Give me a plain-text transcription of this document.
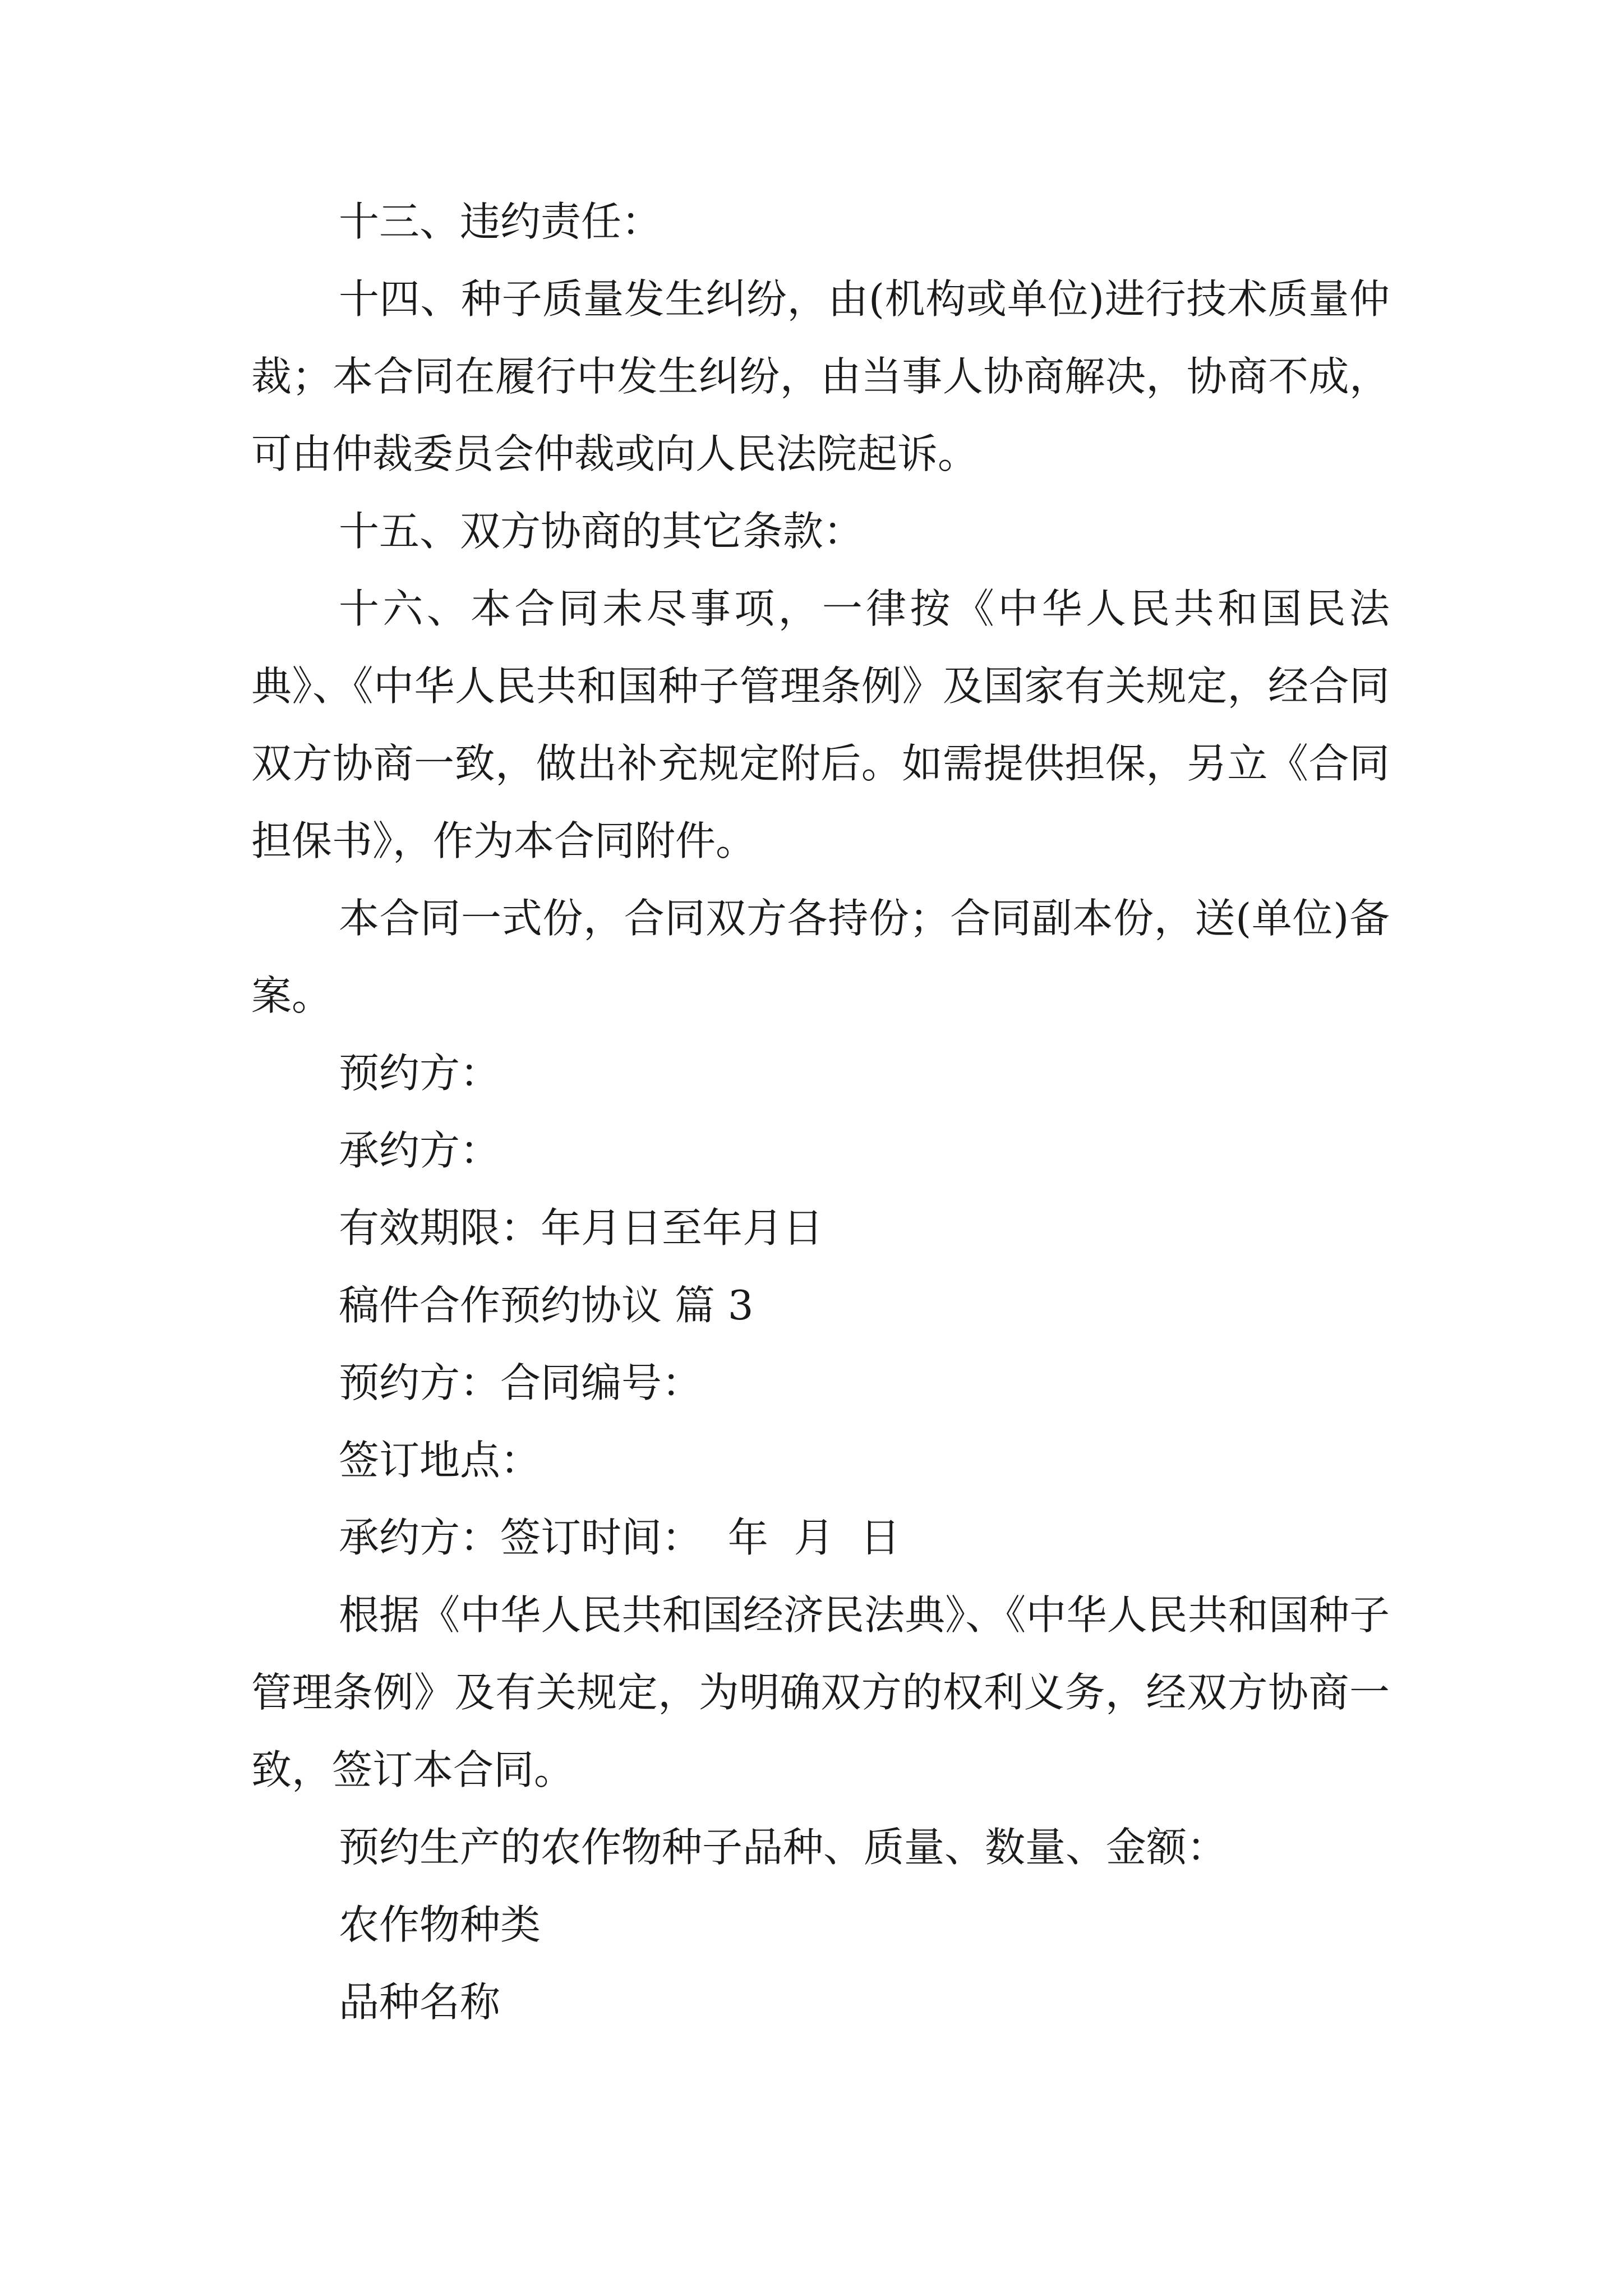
十三、违约责任：

十四、种子质量发生纠纷，由(机构或单位)进行技术质量仲裁；本合同在履行中发生纠纷，由当事人协商解决，协商不成，可由仲裁委员会仲裁或向人民法院起诉。

十五、双方协商的其它条款：

十六、本合同未尽事项，一律按《中华人民共和国民法典》、《中华人民共和国种子管理条例》及国家有关规定，经合同双方协商一致，做出补充规定附后。如需提供担保，另立《合同担保书》，作为本合同附件。

本合同一式份，合同双方各持份；合同副本份，送(单位)备案。

预约方：

承约方：

有效期限：年月日至年月日

稿件合作预约协议 篇 3

预约方：合同编号：

签订地点：

承约方：签订时间：  年  月  日

根据《中华人民共和国经济民法典》、《中华人民共和国种子管理条例》及有关规定，为明确双方的权利义务，经双方协商一致，签订本合同。

预约生产的农作物种子品种、质量、数量、金额：

农作物种类

品种名称
